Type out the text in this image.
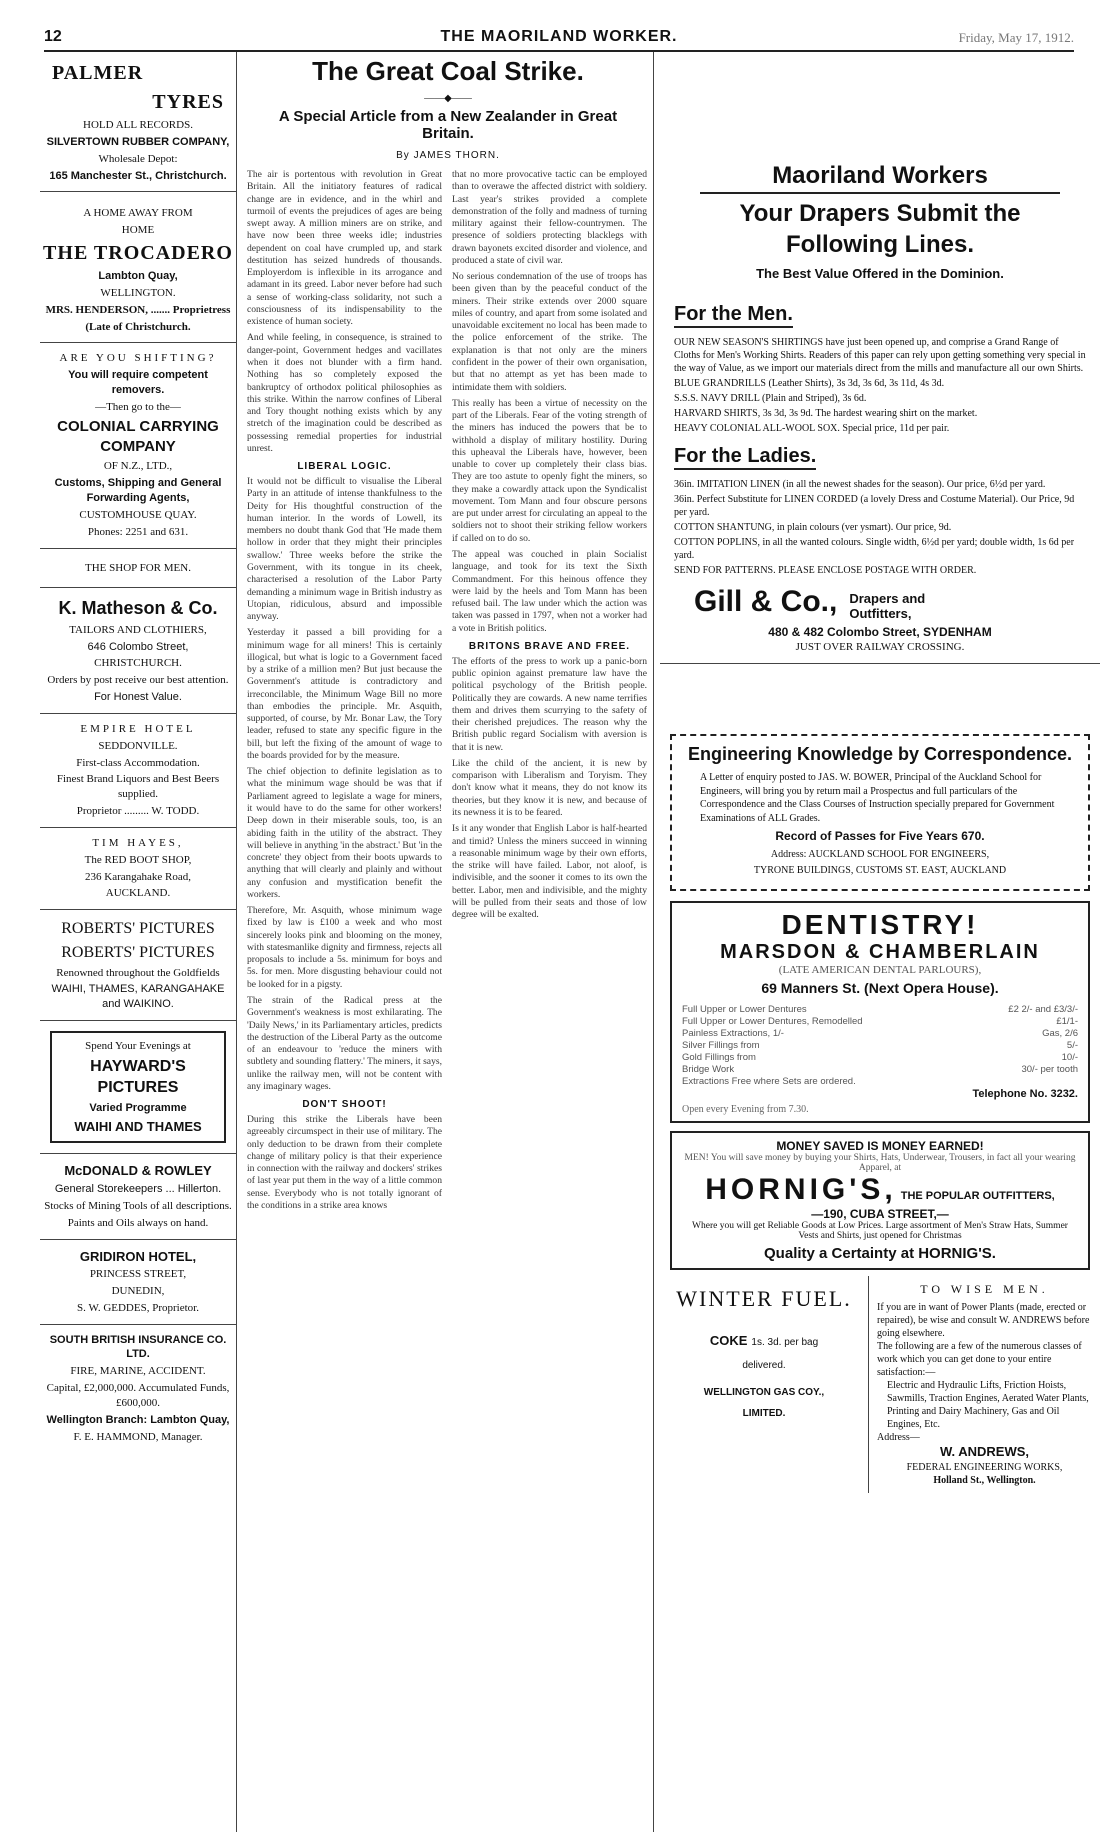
12	THE MAORILAND WORKER.	Friday, May 17, 1912.

PALMER

TYRES

HOLD ALL RECORDS.

SILVERTOWN RUBBER COMPANY,

Wholesale Depot:

165 Manchester St., Christchurch.

A HOME AWAY FROM

HOME

THE TROCADERO

Lambton Quay,

WELLINGTON.

MRS. HENDERSON, ....... Proprietress

(Late of Christchurch.

ARE YOU SHIFTING?

You will require competent removers.

—Then go to the—

COLONIAL CARRYING COMPANY

OF N.Z., LTD.,

Customs, Shipping and General Forwarding Agents,

CUSTOMHOUSE QUAY.

Phones: 2251 and 631.

THE SHOP FOR MEN.

K. Matheson & Co.

TAILORS AND CLOTHIERS,

646 Colombo Street,

CHRISTCHURCH.

Orders by post receive our best attention.

For Honest Value.

EMPIRE HOTEL

SEDDONVILLE.

First-class Accommodation.

Finest Brand Liquors and Best Beers supplied.

Proprietor ......... W. TODD.

TIM HAYES,

The RED BOOT SHOP,

236 Karangahake Road,

AUCKLAND.

ROBERTS' PICTURES

ROBERTS' PICTURES

Renowned throughout the Goldfields

WAIHI, THAMES, KARANGAHAKE and WAIKINO.

Spend Your Evenings at

HAYWARD'S PICTURES

Varied Programme

WAIHI AND THAMES

McDONALD & ROWLEY

General Storekeepers ... Hillerton.

Stocks of Mining Tools of all descriptions.

Paints and Oils always on hand.

GRIDIRON HOTEL,

PRINCESS STREET,

DUNEDIN,

S. W. GEDDES, Proprietor.

SOUTH BRITISH INSURANCE CO. LTD.

FIRE, MARINE, ACCIDENT.

Capital, £2,000,000. Accumulated Funds, £600,000.

Wellington Branch: Lambton Quay,

F. E. HAMMOND, Manager.

The Great Coal Strike.
——◆——
A Special Article from a New Zealander in Great Britain.
By JAMES THORN.

The air is portentous with revolution in Great Britain. All the initiatory features of radical change are in evidence, and in the whirl and turmoil of events the prejudices of ages are being swept away. A million miners are on strike, and have now been three weeks idle; industries dependent on coal have crumpled up, and stark destitution has seized hundreds of thousands. Employerdom is inflexible in its arrogance and adamant in its greed. Labor never before had such a sense of working-class solidarity, not such a consciousness of its indispensability to the existence of human society.

And while feeling, in consequence, is strained to danger-point, Government hedges and vacillates when it does not blunder with a firm hand. Nothing has so completely exposed the bankruptcy of orthodox political philosophies as this strike. Within the narrow confines of Liberal and Tory thought nothing exists which by any stretch of the imagination could be described as possessing remedial properties for industrial unrest.

LIBERAL LOGIC.

It would not be difficult to visualise the Liberal Party in an attitude of intense thankfulness to the Deity for His thoughtful construction of the human interior. In the words of Lowell, its members no doubt thank God that 'He made them hollow in order that they might their principles swallow.' Three weeks before the strike the Government, with its tongue in its cheek, characterised a resolution of the Labor Party demanding a minimum wage in British industry as Utopian, ridiculous, absurd and impossible anyway.

Yesterday it passed a bill providing for a minimum wage for all miners! This is certainly illogical, but what is logic to a Government faced by a strike of a million men? But just because the Government's attitude is contradictory and irreconcilable, the Minimum Wage Bill no more than embodies the principle. Mr. Asquith, supported, of course, by Mr. Bonar Law, the Tory leader, refused to state any specific figure in the bill, but left the fixing of the amount of wage to the boards provided for by the measure.

The chief objection to definite legislation as to what the minimum wage should be was that if Parliament agreed to legislate a wage for miners, it would have to do the same for other workers! Deep down in their miserable souls, too, is an abiding faith in the utility of the abstract. They will believe in anything 'in the abstract.' But 'in the concrete' they object from their boots upwards to anything that will clearly and plainly and without any confusion and mystification benefit the workers.

Therefore, Mr. Asquith, whose minimum wage fixed by law is £100 a week and who most sincerely looks pink and blooming on the money, with statesmanlike dignity and firmness, rejects all proposals to include a 5s. minimum for boys and 5s. for men. More disgusting behaviour could not be looked for in a pigsty.

The strain of the Radical press at the Government's weakness is most exhilarating. The 'Daily News,' in its Parliamentary articles, predicts the destruction of the Liberal Party as the outcome of an endeavour to 'reduce the miners with subtlety and sounding flattery.' The miners, it says, unlike the railway men, will not be content with any imaginary wages.

DON'T SHOOT!

During this strike the Liberals have been agreeably circumspect in their use of military. The only deduction to be drawn from their complete change of military policy is that their experience in connection with the railway and dockers' strikes of last year put them in the way of a little common sense. Everybody who is not totally ignorant of the conditions in a strike area knows

that no more provocative tactic can be employed than to overawe the affected district with soldiery. Last year's strikes provided a complete demonstration of the folly and madness of turning military against their fellow-countrymen. The presence of soldiers protecting blacklegs with drawn bayonets excited disorder and violence, and produced a state of civil war.

No serious condemnation of the use of troops has been given than by the peaceful conduct of the miners. Their strike extends over 2000 square miles of country, and apart from some isolated and unavoidable excitement no local has been made to the police enforcement of the strike. The explanation is that not only are the miners confident in the power of their own organisation, but that no attempt as yet has been made to intimidate them with soldiers.

This really has been a virtue of necessity on the part of the Liberals. Fear of the voting strength of the miners has induced the powers that be to withhold a display of military hostility. During this upheaval the Liberals have, however, been unable to cover up completely their class bias. They are too astute to openly fight the miners, so they make a cowardly attack upon the Syndicalist movement. Tom Mann and four obscure persons are put under arrest for circulating an appeal to the soldiers not to shoot their striking fellow workers if called on to do so.

The appeal was couched in plain Socialist language, and took for its text the Sixth Commandment. For this heinous offence they were laid by the heels and Tom Mann has been refused bail. The law under which the action was taken was passed in 1797, when not a worker had a vote in British politics.

BRITONS BRAVE AND FREE.

The efforts of the press to work up a panic-born public opinion against premature law have the political psychology of the British people. Politically they are cowards. A new name terrifies them and drives them scurrying to the safety of their cherished prejudices. The reason why the British public regard Socialism with aversion is that it is new.

Like the child of the ancient, it is new by comparison with Liberalism and Toryism. They don't know what it means, they do not know its theories, but they know it is new, and because of its newness it is to be feared.

Is it any wonder that English Labor is half-hearted and timid? Unless the miners succeed in winning a reasonable minimum wage by their own efforts, the strike will have failed. Labor, not aloof, is indivisible, and the sooner it comes to its own the better. Labor, men and indivisible, and the mighty will be pulled from their seats and those of low degree will be exalted.

Maoriland Workers
Your Drapers Submit the
Following Lines.
The Best Value Offered in the Dominion.
For the Men.
OUR NEW SEASON'S SHIRTINGS have just been opened up, and comprise a Grand Range of Cloths for Men's Working Shirts. Readers of this paper can rely upon getting something very special in the way of Value, as we import our materials direct from the mills and manufacture all our own Shirts.
BLUE GRANDRILLS (Leather Shirts), 3s 3d, 3s 6d, 3s 11d, 4s 3d.
S.S.S. NAVY DRILL (Plain and Striped), 3s 6d.
HARVARD SHIRTS, 3s 3d, 3s 9d. The hardest wearing shirt on the market.
HEAVY COLONIAL ALL-WOOL SOX. Special price, 11d per pair.
For the Ladies.
36in. IMITATION LINEN (in all the newest shades for the season). Our price, 6½d per yard.
36in. Perfect Substitute for LINEN CORDED (a lovely Dress and Costume Material). Our Price, 9d per yard.
COTTON SHANTUNG, in plain colours (ver ysmart). Our price, 9d.
COTTON POPLINS, in all the wanted colours. Single width, 6½d per yard; double width, 1s 6d per yard.
SEND FOR PATTERNS. PLEASE ENCLOSE POSTAGE WITH ORDER.
Gill & Co., Drapers and
Outfitters,
480 & 482 Colombo Street, SYDENHAM
JUST OVER RAILWAY CROSSING.
Engineering Knowledge by Correspondence.

A Letter of enquiry posted to JAS. W. BOWER, Principal of the Auckland School for Engineers, will bring you by return mail a Prospectus and full particulars of the Correspondence and the Class Courses of Instruction specially prepared for Government Examinations of ALL Grades.

Record of Passes for Five Years 670.

Address: AUCKLAND SCHOOL FOR ENGINEERS,

TYRONE BUILDINGS, CUSTOMS ST. EAST, AUCKLAND

DENTISTRY!
MARSDON & CHAMBERLAIN
(LATE AMERICAN DENTAL PARLOURS),
69 Manners St. (Next Opera House).
Full Upper or Lower Dentures	£2 2/- and £3/3/-
Full Upper or Lower Dentures, Remodelled	£1/1-
Painless Extractions, 1/-	Gas, 2/6
Silver Fillings from	5/-
Gold Fillings from	10/-
Bridge Work	30/- per tooth
Extractions Free where Sets are ordered.
Telephone No. 3232.
Open every Evening from 7.30.
MONEY SAVED IS MONEY EARNED!
MEN! You will save money by buying your Shirts, Hats, Underwear, Trousers, in fact all your wearing Apparel, at
HORNIG'S, THE POPULAR OUTFITTERS,
—190, CUBA STREET,—
Where you will get Reliable Goods at Low Prices. Large assortment of Men's Straw Hats, Summer Vests and Shirts, just opened for Christmas
Quality a Certainty at HORNIG'S.
WINTER FUEL.
COKE 1s. 3d. per bag
delivered.
WELLINGTON GAS COY.,
LIMITED.
TO WISE MEN.
If you are in want of Power Plants (made, erected or repaired), be wise and consult W. ANDREWS before going elsewhere.
The following are a few of the numerous classes of work which you can get done to your entire satisfaction:—
Electric and Hydraulic Lifts, Friction Hoists, Sawmills, Traction Engines, Aerated Water Plants, Printing and Dairy Machinery, Gas and Oil Engines, Etc.
Address—
W. ANDREWS,
FEDERAL ENGINEERING WORKS,
Holland St., Wellington.
